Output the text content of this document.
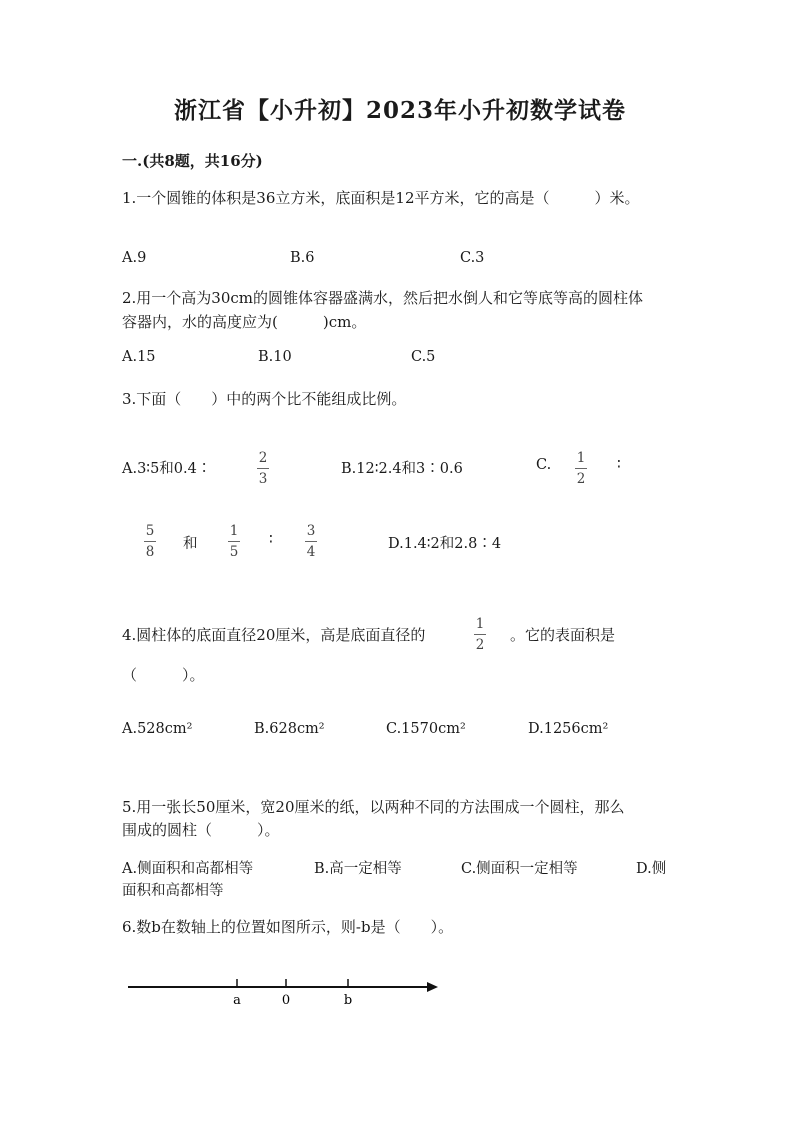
浙江省【小升初】2023年小升初数学试卷
一.(共8题，共16分)
1.一个圆锥的体积是36立方米，底面积是12平方米，它的高是（　　　）米。
A.9	B.6	C.3
2.用一个高为30cm的圆锥体容器盛满水，然后把水倒人和它等底等高的圆柱体
容器内，水的高度应为(　　　)cm。
A.15	B.10	C.5
3.下面（　　）中的两个比不能组成比例。
A.3∶5和0.4∶
2
3
B.12∶2.4和3∶0.6	C. 1
2
∶
5
8 和
1
5
∶
3
4	D.1.4∶2和2.8∶4
4.圆柱体的底面直径20厘米，高是底面直径的
1
2
。它的表面积是
（　　　）。
A.528cm²	B.628cm²	C.1570cm²	D.1256cm²
5.用一张长50厘米，宽20厘米的纸，以两种不同的方法围成一个圆柱，那么
围成的圆柱（　　　）。
A.侧面积和高都相等	B.高一定相等	C.侧面积一定相等	D.侧
面积和高都相等
6.数b在数轴上的位置如图所示，则-b是（　　）。
a	0	b
